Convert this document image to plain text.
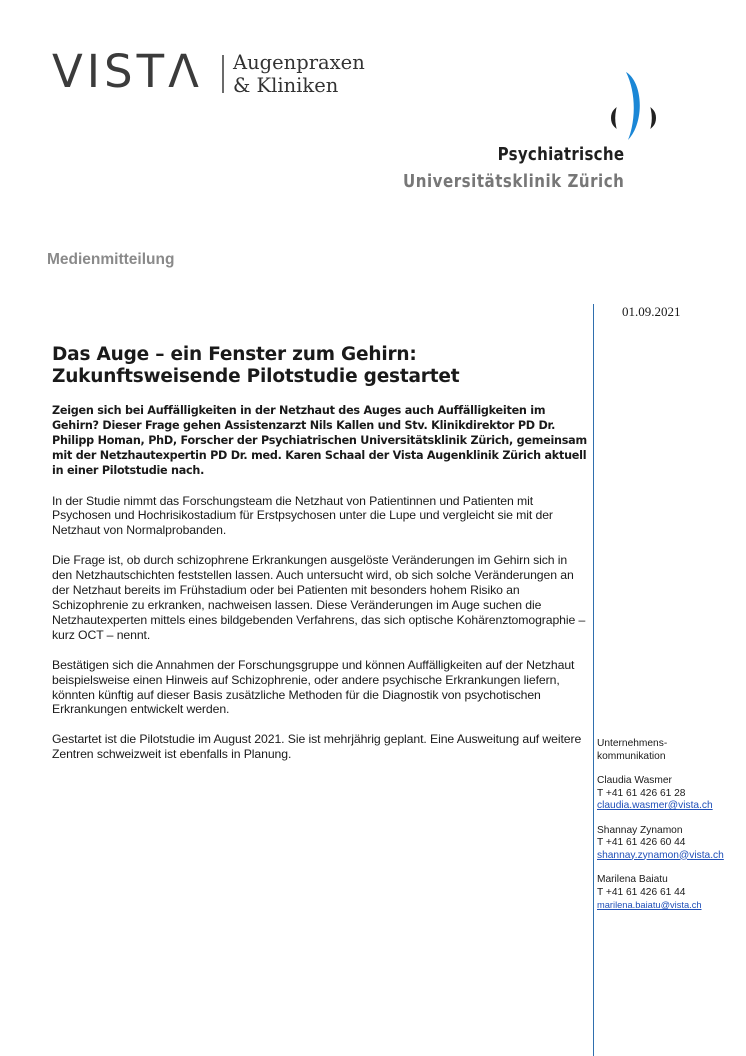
VISTΛ Augenpraxen
& Kliniken
Psychiatrische
Universitätsklinik Zürich
Medienmitteilung
01.09.2021
Das Auge – ein Fenster zum Gehirn:
Zukunftsweisende Pilotstudie gestartet

Zeigen sich bei Auffälligkeiten in der Netzhaut des Auges auch Auffälligkeiten im Gehirn? Dieser Frage gehen Assistenzarzt Nils Kallen und Stv. Klinikdirektor PD Dr. Philipp Homan, PhD, Forscher der Psychiatrischen Universitätsklinik Zürich, gemeinsam mit der Netzhautexpertin PD Dr. med. Karen Schaal der Vista Augenklinik Zürich aktuell in einer Pilotstudie nach.

In der Studie nimmt das Forschungsteam die Netzhaut von Patientinnen und Patienten mit Psychosen und Hochrisikostadium für Erstpsychosen unter die Lupe und vergleicht sie mit der Netzhaut von Normalprobanden.

Die Frage ist, ob durch schizophrene Erkrankungen ausgelöste Veränderungen im Gehirn sich in den Netzhautschichten feststellen lassen. Auch untersucht wird, ob sich solche Veränderungen an der Netzhaut bereits im Frühstadium oder bei Patienten mit besonders hohem Risiko an Schizophrenie zu erkranken, nachweisen lassen. Diese Veränderungen im Auge suchen die Netzhautexperten mittels eines bildgebenden Verfahrens, das sich optische Kohärenztomographie – kurz OCT – nennt.

Bestätigen sich die Annahmen der Forschungsgruppe und können Auffälligkeiten auf der Netzhaut beispielsweise einen Hinweis auf Schizophrenie, oder andere psychische Erkrankungen liefern, könnten künftig auf dieser Basis zusätzliche Methoden für die Diagnostik von psychotischen Erkrankungen entwickelt werden.

Gestartet ist die Pilotstudie im August 2021. Sie ist mehrjährig geplant. Eine Ausweitung auf weitere Zentren schweizweit ist ebenfalls in Planung.

Unternehmens-
kommunikation
Claudia Wasmer
T +41 61 426 61 28
claudia.wasmer@vista.ch
Shannay Zynamon
T +41 61 426 60 44
shannay.zynamon@vista.ch
Marilena Baiatu
T +41 61 426 61 44
marilena.baiatu@vista.ch
